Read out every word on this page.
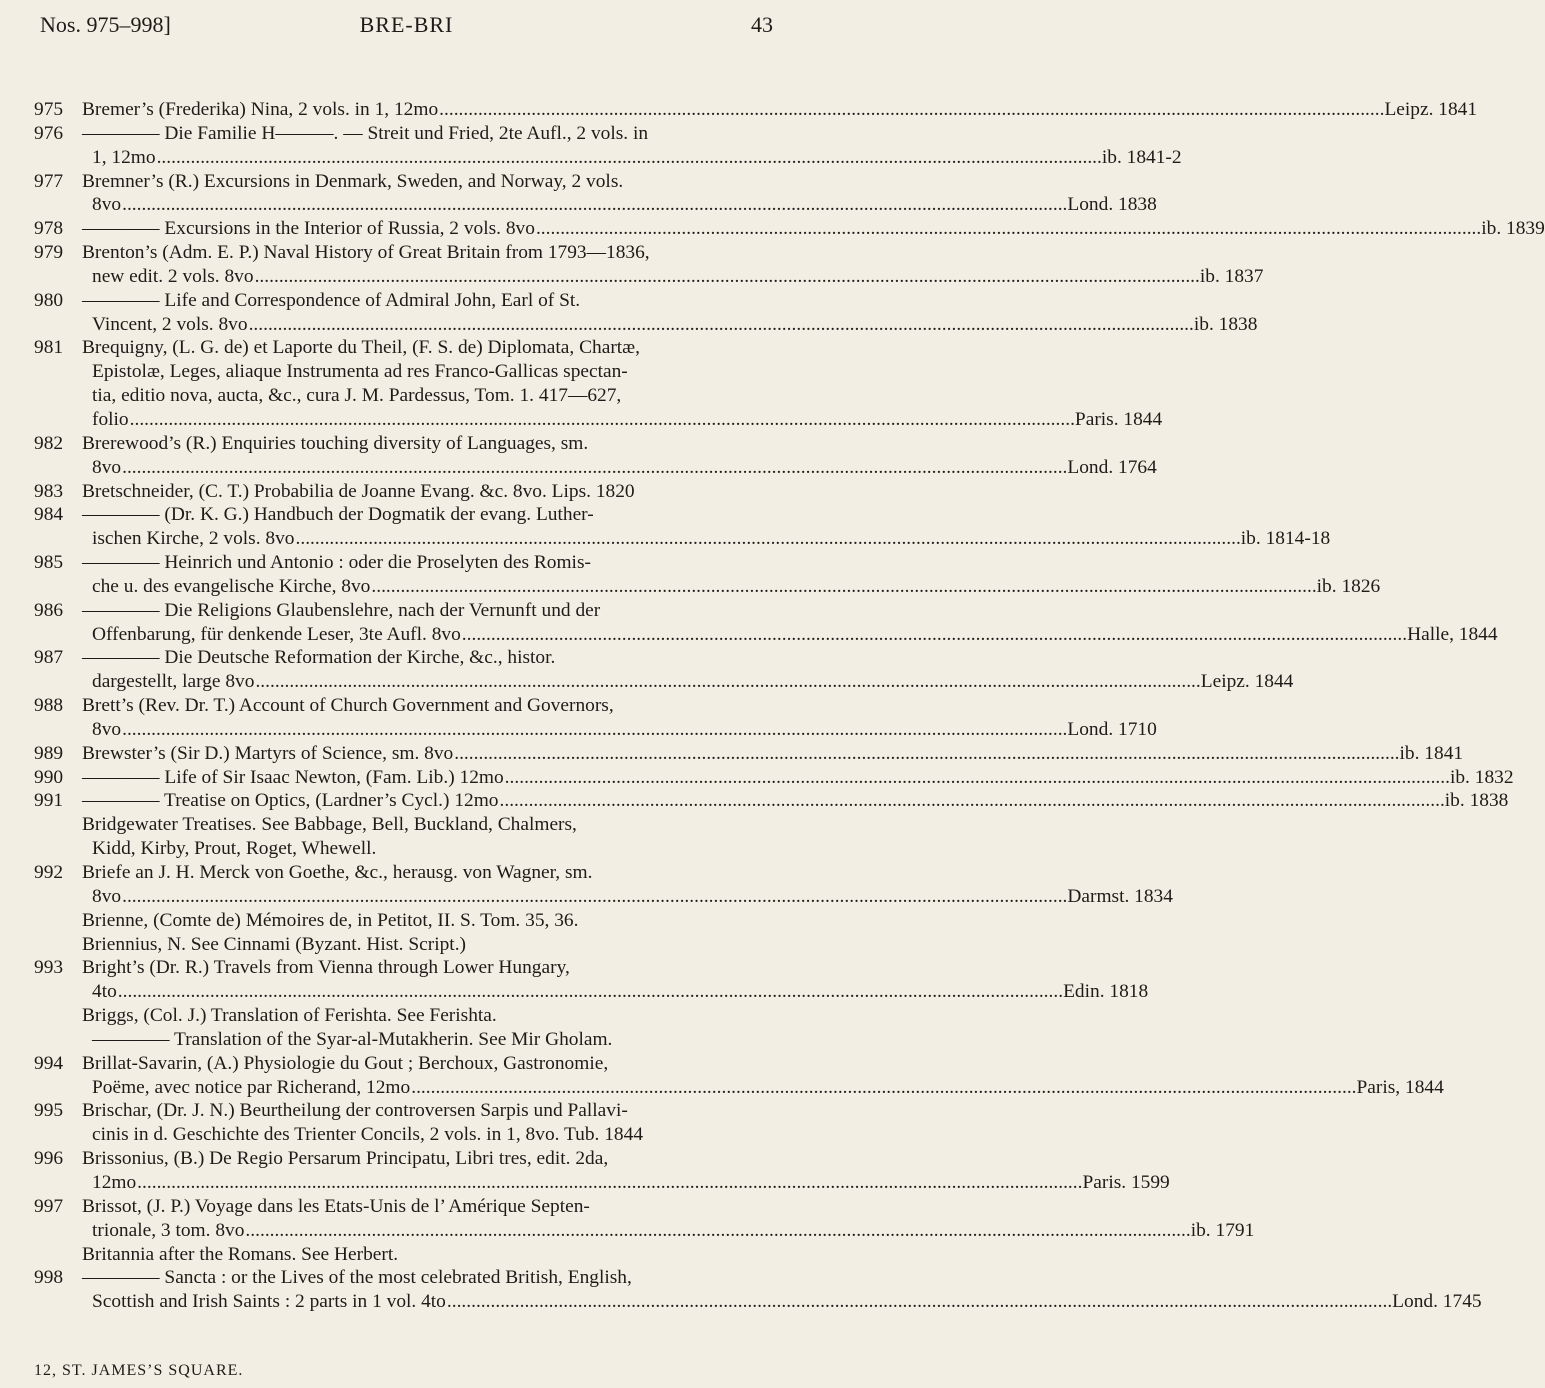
Nos. 975–998]	BRE-BRI	43
975 Bremer’s (Frederika) Nina, 2 vols. in 1, 12mo .....	Leipz. 1841
976 ———— Die Familie H———. — Streit und Fried, 2te Aufl., 2 vols. in
1, 12mo .....	ib. 1841-2
977 Bremner’s (R.) Excursions in Denmark, Sweden, and Norway, 2 vols.
8vo .....	Lond. 1838
978 ———— Excursions in the Interior of Russia, 2 vols. 8vo .....	ib. 1839
979 Brenton’s (Adm. E. P.) Naval History of Great Britain from 1793—1836,
new edit. 2 vols. 8vo .....	ib. 1837
980 ———— Life and Correspondence of Admiral John, Earl of St.
Vincent, 2 vols. 8vo .....	ib. 1838
981 Brequigny, (L. G. de) et Laporte du Theil, (F. S. de) Diplomata, Chartæ,
Epistolæ, Leges, aliaque Instrumenta ad res Franco-Gallicas spectan-
tia, editio nova, aucta, &c., cura J. M. Pardessus, Tom. 1. 417—627,
folio .....	Paris. 1844
982 Brerewood’s (R.) Enquiries touching diversity of Languages, sm.
8vo .....	Lond. 1764
983 Bretschneider, (C. T.) Probabilia de Joanne Evang. &c. 8vo. Lips. 1820
984 ———— (Dr. K. G.) Handbuch der Dogmatik der evang. Luther-
ischen Kirche, 2 vols. 8vo .....	ib. 1814-18
985 ———— Heinrich und Antonio : oder die Proselyten des Romis-
che u. des evangelische Kirche, 8vo .....	ib. 1826
986 ———— Die Religions Glaubenslehre, nach der Vernunft und der
Offenbarung, für denkende Leser, 3te Aufl. 8vo .....	Halle, 1844
987 ———— Die Deutsche Reformation der Kirche, &c., histor.
dargestellt, large 8vo .....	Leipz. 1844
988 Brett’s (Rev. Dr. T.) Account of Church Government and Governors,
8vo .....	Lond. 1710
989 Brewster’s (Sir D.) Martyrs of Science, sm. 8vo .....	ib. 1841
990 ———— Life of Sir Isaac Newton, (Fam. Lib.) 12mo .....	ib. 1832
991 ———— Treatise on Optics, (Lardner’s Cycl.) 12mo .....	ib. 1838
Bridgewater Treatises. See Babbage, Bell, Buckland, Chalmers,
Kidd, Kirby, Prout, Roget, Whewell.
992 Briefe an J. H. Merck von Goethe, &c., herausg. von Wagner, sm.
8vo .....	Darmst. 1834
Brienne, (Comte de) Mémoires de, in Petitot, II. S. Tom. 35, 36.
Briennius, N. See Cinnami (Byzant. Hist. Script.)
993 Bright’s (Dr. R.) Travels from Vienna through Lower Hungary,
4to .....	Edin. 1818
Briggs, (Col. J.) Translation of Ferishta. See Ferishta.
———— Translation of the Syar-al-Mutakherin. See Mir Gholam.
994 Brillat-Savarin, (A.) Physiologie du Gout ; Berchoux, Gastronomie,
Poëme, avec notice par Richerand, 12mo .....	Paris, 1844
995 Brischar, (Dr. J. N.) Beurtheilung der controversen Sarpis und Pallavi-
cinis in d. Geschichte des Trienter Concils, 2 vols. in 1, 8vo. Tub. 1844
996 Brissonius, (B.) De Regio Persarum Principatu, Libri tres, edit. 2da,
12mo .....	Paris. 1599
997 Brissot, (J. P.) Voyage dans les Etats-Unis de l’ Amérique Septen-
trionale, 3 tom. 8vo .....	ib. 1791
Britannia after the Romans. See Herbert.
998 ———— Sancta : or the Lives of the most celebrated British, English,
Scottish and Irish Saints : 2 parts in 1 vol. 4to .....	Lond. 1745
12, ST. JAMES’S SQUARE.
